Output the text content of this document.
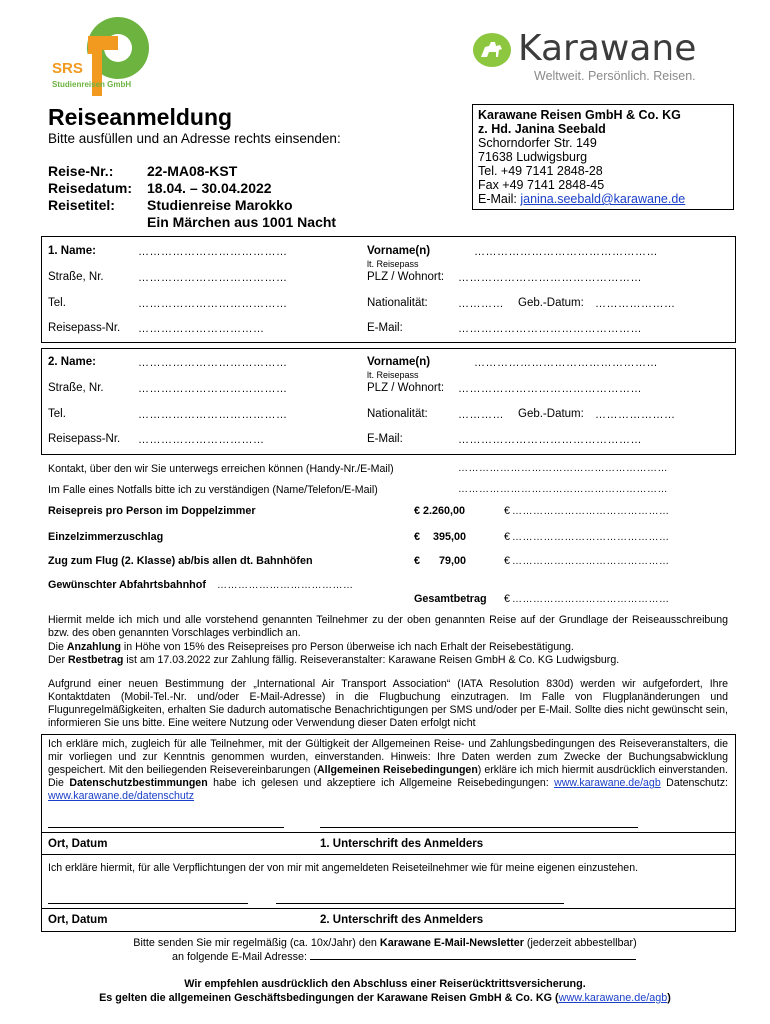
SRS
Studienreisen GmbH
Karawane
Weltweit. Persönlich. Reisen.
Reiseanmeldung
Bitte ausfüllen und an Adresse rechts einsenden:
Reise-Nr.: 22-MA08-KST
Reisedatum: 18.04. – 30.04.2022
Reisetitel: Studienreise Marokko
Ein Märchen aus 1001 Nacht
Karawane Reisen GmbH & Co. KG
z. Hd. Janina Seebald
Schorndorfer Str. 149
71638 Ludwigsburg
Tel. +49 7141 2848-28
Fax +49 7141 2848-45
E-Mail: janina.seebald@karawane.de
1. Name:	…………………………………	Vorname(n)	…………………………………………
lt. Reisepass
Straße, Nr.	…………………………………	PLZ / Wohnort: …………………………………………
Tel.	…………………………………	Nationalität:	………… Geb.-Datum: …………………
Reisepass-Nr. ……………………………	E-Mail:	…………………………………………
2. Name:	…………………………………	Vorname(n)	…………………………………………
lt. Reisepass
Straße, Nr.	…………………………………	PLZ / Wohnort: …………………………………………
Tel.	…………………………………	Nationalität:	………… Geb.-Datum: …………………
Reisepass-Nr. ……………………………	E-Mail:	…………………………………………
Kontakt, über den wir Sie unterwegs erreichen können (Handy-Nr./E-Mail)	……………………………………………………
Im Falle eines Notfalls bitte ich zu verständigen (Name/Telefon/E-Mail)	……………………………………………………
Reisepreis pro Person im Doppelzimmer	€ 2.260,00	€ ………………………………………
Einzelzimmerzuschlag	€ 395,00	€ ………………………………………
Zug zum Flug (2. Klasse) ab/bis allen dt. Bahnhöfen	€ 79,00	€ ………………………………………
Gewünschter Abfahrtsbahnhof …………………………………
Gesamtbetrag € ………………………………………
Hiermit melde ich mich und alle vorstehend genannten Teilnehmer zu der oben genannten Reise auf der Grundlage der Reiseausschreibung bzw. des oben genannten Vorschlages verbindlich an.
Die Anzahlung in Höhe von 15% des Reisepreises pro Person überweise ich nach Erhalt der Reisebestätigung.
Der Restbetrag ist am 17.03.2022 zur Zahlung fällig. Reiseveranstalter: Karawane Reisen GmbH & Co. KG Ludwigsburg.
Aufgrund einer neuen Bestimmung der „International Air Transport Association“ (IATA Resolution 830d) werden wir aufgefordert, Ihre Kontaktdaten (Mobil-Tel.-Nr. und/oder E-Mail-Adresse) in die Flugbuchung einzutragen. Im Falle von Flugplanänderungen und Flugunregelmäßigkeiten, erhalten Sie dadurch automatische Benachrichtigungen per SMS und/oder per E-Mail. Sollte dies nicht gewünscht sein, informieren Sie uns bitte. Eine weitere Nutzung oder Verwendung dieser Daten erfolgt nicht
Ich erkläre mich, zugleich für alle Teilnehmer, mit der Gültigkeit der Allgemeinen Reise- und Zahlungsbedingungen des Reiseveranstalters, die mir vorliegen und zur Kenntnis genommen wurden, einverstanden. Hinweis: Ihre Daten werden zum Zwecke der Buchungsabwicklung gespeichert. Mit den beiliegenden Reisevereinbarungen (Allgemeinen Reisebedingungen) erkläre ich mich hiermit ausdrücklich einverstanden. Die Datenschutzbestimmungen habe ich gelesen und akzeptiere ich Allgemeine Reisebedingungen: www.karawane.de/agb Datenschutz: www.karawane.de/datenschutz
Ort, Datum	1. Unterschrift des Anmelders
Ich erkläre hiermit, für alle Verpflichtungen der von mir mit angemeldeten Reiseteilnehmer wie für meine eigenen einzustehen.
Ort, Datum	2. Unterschrift des Anmelders
Bitte senden Sie mir regelmäßig (ca. 10x/Jahr) den Karawane E-Mail-Newsletter (jederzeit abbestellbar)
an folgende E-Mail Adresse:
Wir empfehlen ausdrücklich den Abschluss einer Reiserücktrittsversicherung.
Es gelten die allgemeinen Geschäftsbedingungen der Karawane Reisen GmbH & Co. KG (www.karawane.de/agb)
